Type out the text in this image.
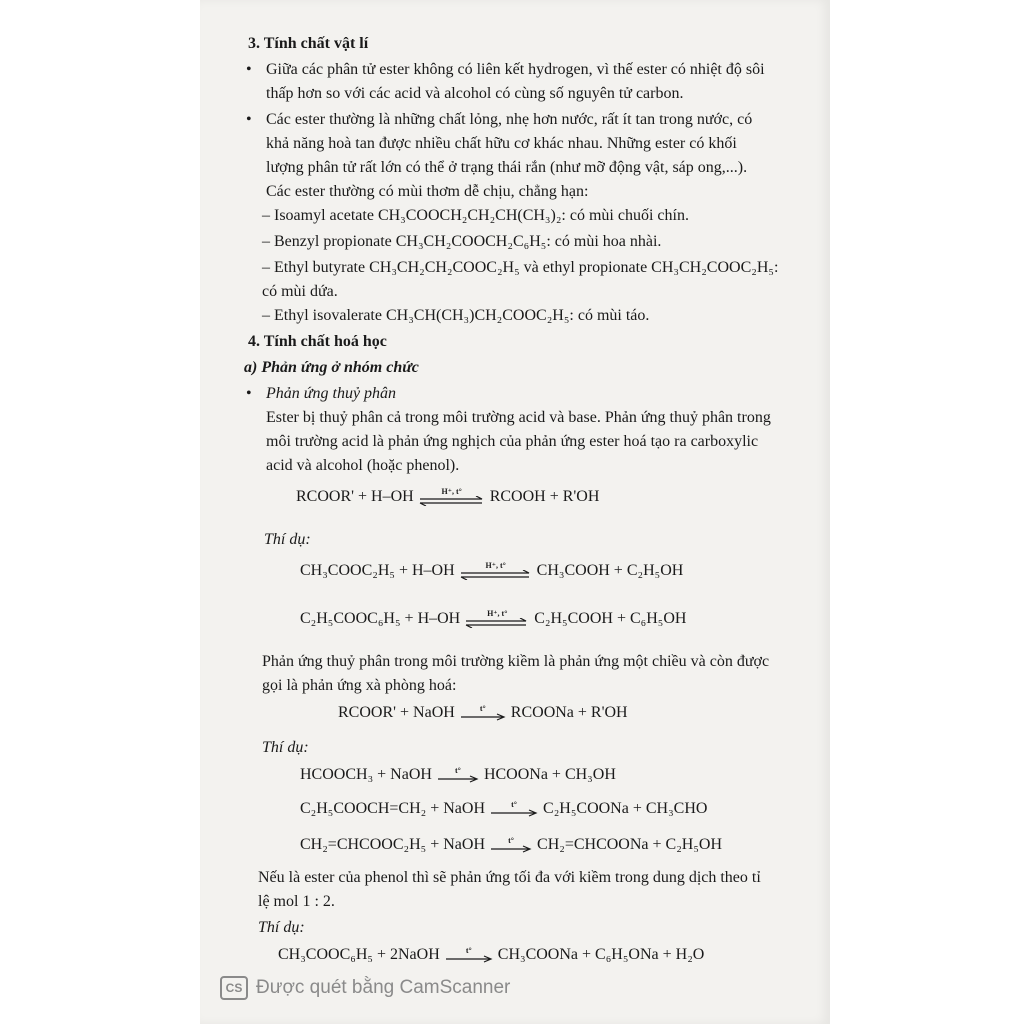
3. Tính chất vật lí
• Giữa các phân tử ester không có liên kết hydrogen, vì thế ester có nhiệt độ sôi
thấp hơn so với các acid và alcohol có cùng số nguyên tử carbon.
• Các ester thường là những chất lỏng, nhẹ hơn nước, rất ít tan trong nước, có
khả năng hoà tan được nhiều chất hữu cơ khác nhau. Những ester có khối
lượng phân tử rất lớn có thể ở trạng thái rắn (như mỡ động vật, sáp ong,...).
Các ester thường có mùi thơm dễ chịu, chẳng hạn:
– Isoamyl acetate CH₃COOCH₂CH₂CH(CH₃)₂: có mùi chuối chín.
– Benzyl propionate CH₃CH₂COOCH₂C₆H₅: có mùi hoa nhài.
– Ethyl butyrate CH₃CH₂CH₂COOC₂H₅ và ethyl propionate CH₃CH₂COOC₂H₅:
có mùi dứa.
– Ethyl isovalerate CH₃CH(CH₃)CH₂COOC₂H₅: có mùi táo.
4. Tính chất hoá học
a) Phản ứng ở nhóm chức
• Phản ứng thuỷ phân
Ester bị thuỷ phân cả trong môi trường acid và base. Phản ứng thuỷ phân trong
môi trường acid là phản ứng nghịch của phản ứng ester hoá tạo ra carboxylic
acid và alcohol (hoặc phenol).
RCOOR' + H–OH	H⁺, t° RCOOH + R'OH
Thí dụ:
CH₃COOC₂H₅ + H–OH	H⁺, t° CH₃COOH + C₂H₅OH
C₂H₅COOC₆H₅ + H–OH	H⁺, t° C₂H₅COOH + C₆H₅OH
Phản ứng thuỷ phân trong môi trường kiềm là phản ứng một chiều và còn được
gọi là phản ứng xà phòng hoá:
RCOOR' + NaOH	t° RCOONa + R'OH
Thí dụ:
HCOOCH₃ + NaOH	t° HCOONa + CH₃OH
C₂H₅COOCH=CH₂ + NaOH	t° C₂H₅COONa + CH₃CHO
CH₂=CHCOOC₂H₅ + NaOH	t° CH₂=CHCOONa + C₂H₅OH
Nếu là ester của phenol thì sẽ phản ứng tối đa với kiềm trong dung dịch theo tỉ
lệ mol 1 : 2.
Thí dụ:
CH₃COOC₆H₅ + 2NaOH	t° CH₃COONa + C₆H₅ONa + H₂O
CS Được quét bằng CamScanner
